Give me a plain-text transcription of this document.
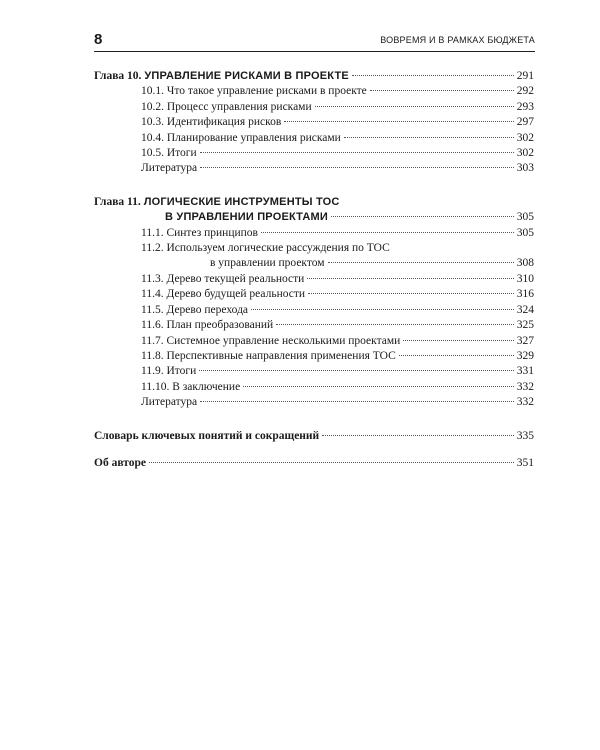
8	ВОВРЕМЯ И В РАМКАХ БЮДЖЕТА
Глава 10. УПРАВЛЕНИЕ РИСКАМИ В ПРОЕКТЕ	291
10.1. Что такое управление рисками в проекте	292
10.2. Процесс управления рисками	293
10.3. Идентификация рисков	297
10.4. Планирование управления рисками	302
10.5. Итоги	302
Литература	303
Глава 11. ЛОГИЧЕСКИЕ ИНСТРУМЕНТЫ ТОС
В УПРАВЛЕНИИ ПРОЕКТАМИ	305
11.1. Синтез принципов	305
11.2. Используем логические рассуждения по ТОС
в управлении проектом	308
11.3. Дерево текущей реальности	310
11.4. Дерево будущей реальности	316
11.5. Дерево перехода	324
11.6. План преобразований	325
11.7. Системное управление несколькими проектами	327
11.8. Перспективные направления применения ТОС	329
11.9. Итоги	331
11.10. В заключение	332
Литература	332
Словарь ключевых понятий и сокращений	335
Об авторе	351
